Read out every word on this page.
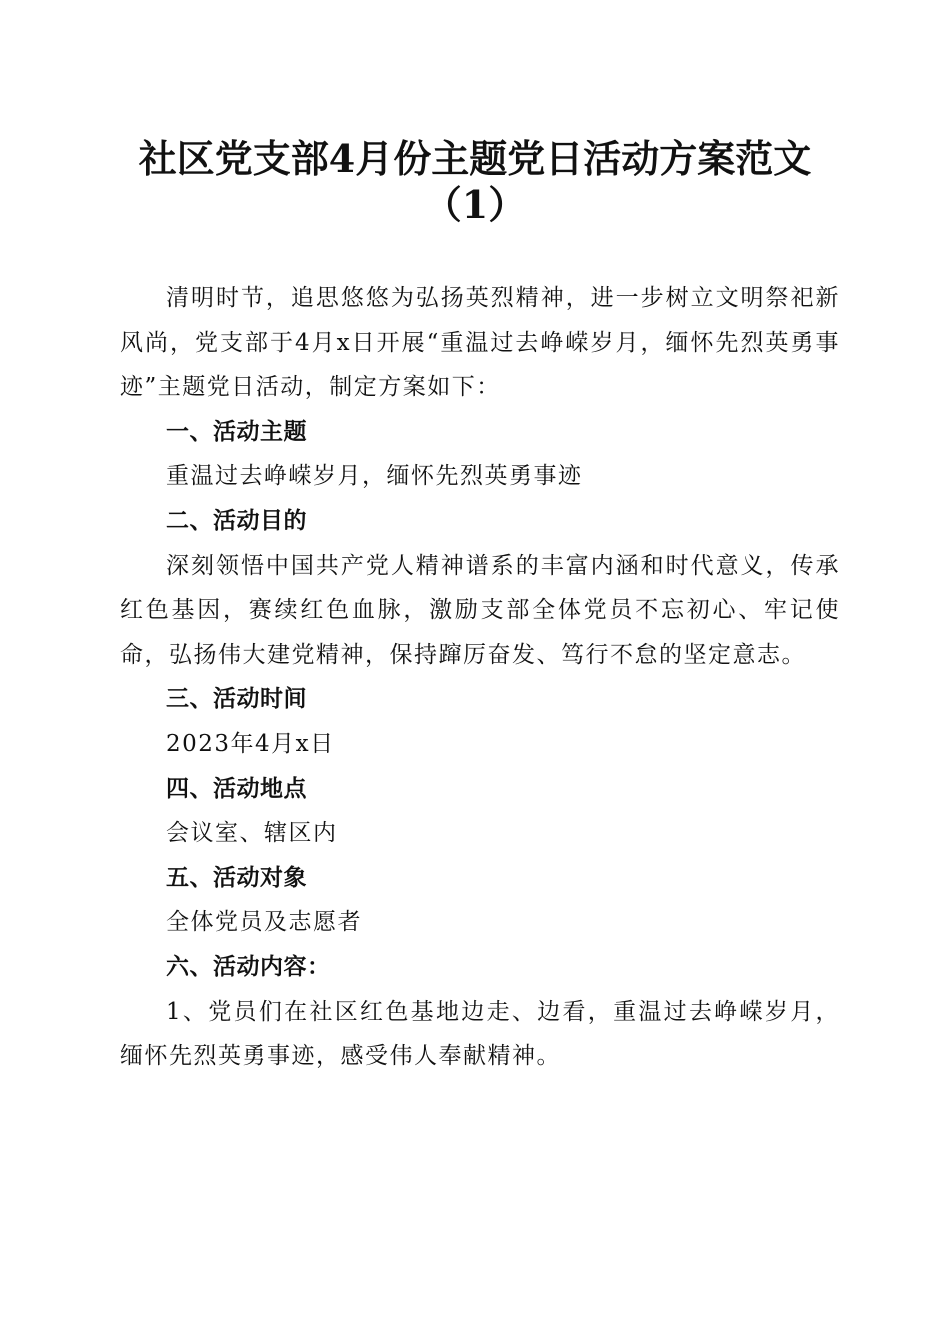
社区党支部4月份主题党日活动方案范文
（1）

清明时节，追思悠悠为弘扬英烈精神，进一步树立文明祭祀新风尚，党支部于4月x日开展“重温过去峥嵘岁月，缅怀先烈英勇事迹”主题党日活动，制定方案如下：

一、活动主题

重温过去峥嵘岁月，缅怀先烈英勇事迹

二、活动目的

深刻领悟中国共产党人精神谱系的丰富内涵和时代意义，传承红色基因，赛续红色血脉，激励支部全体党员不忘初心、牢记使命，弘扬伟大建党精神，保持蹿厉奋发、笃行不怠的坚定意志。

三、活动时间

2023年4月x日

四、活动地点

会议室、辖区内

五、活动对象

全体党员及志愿者

六、活动内容：

1、党员们在社区红色基地边走、边看，重温过去峥嵘岁月，缅怀先烈英勇事迹，感受伟人奉献精神。
